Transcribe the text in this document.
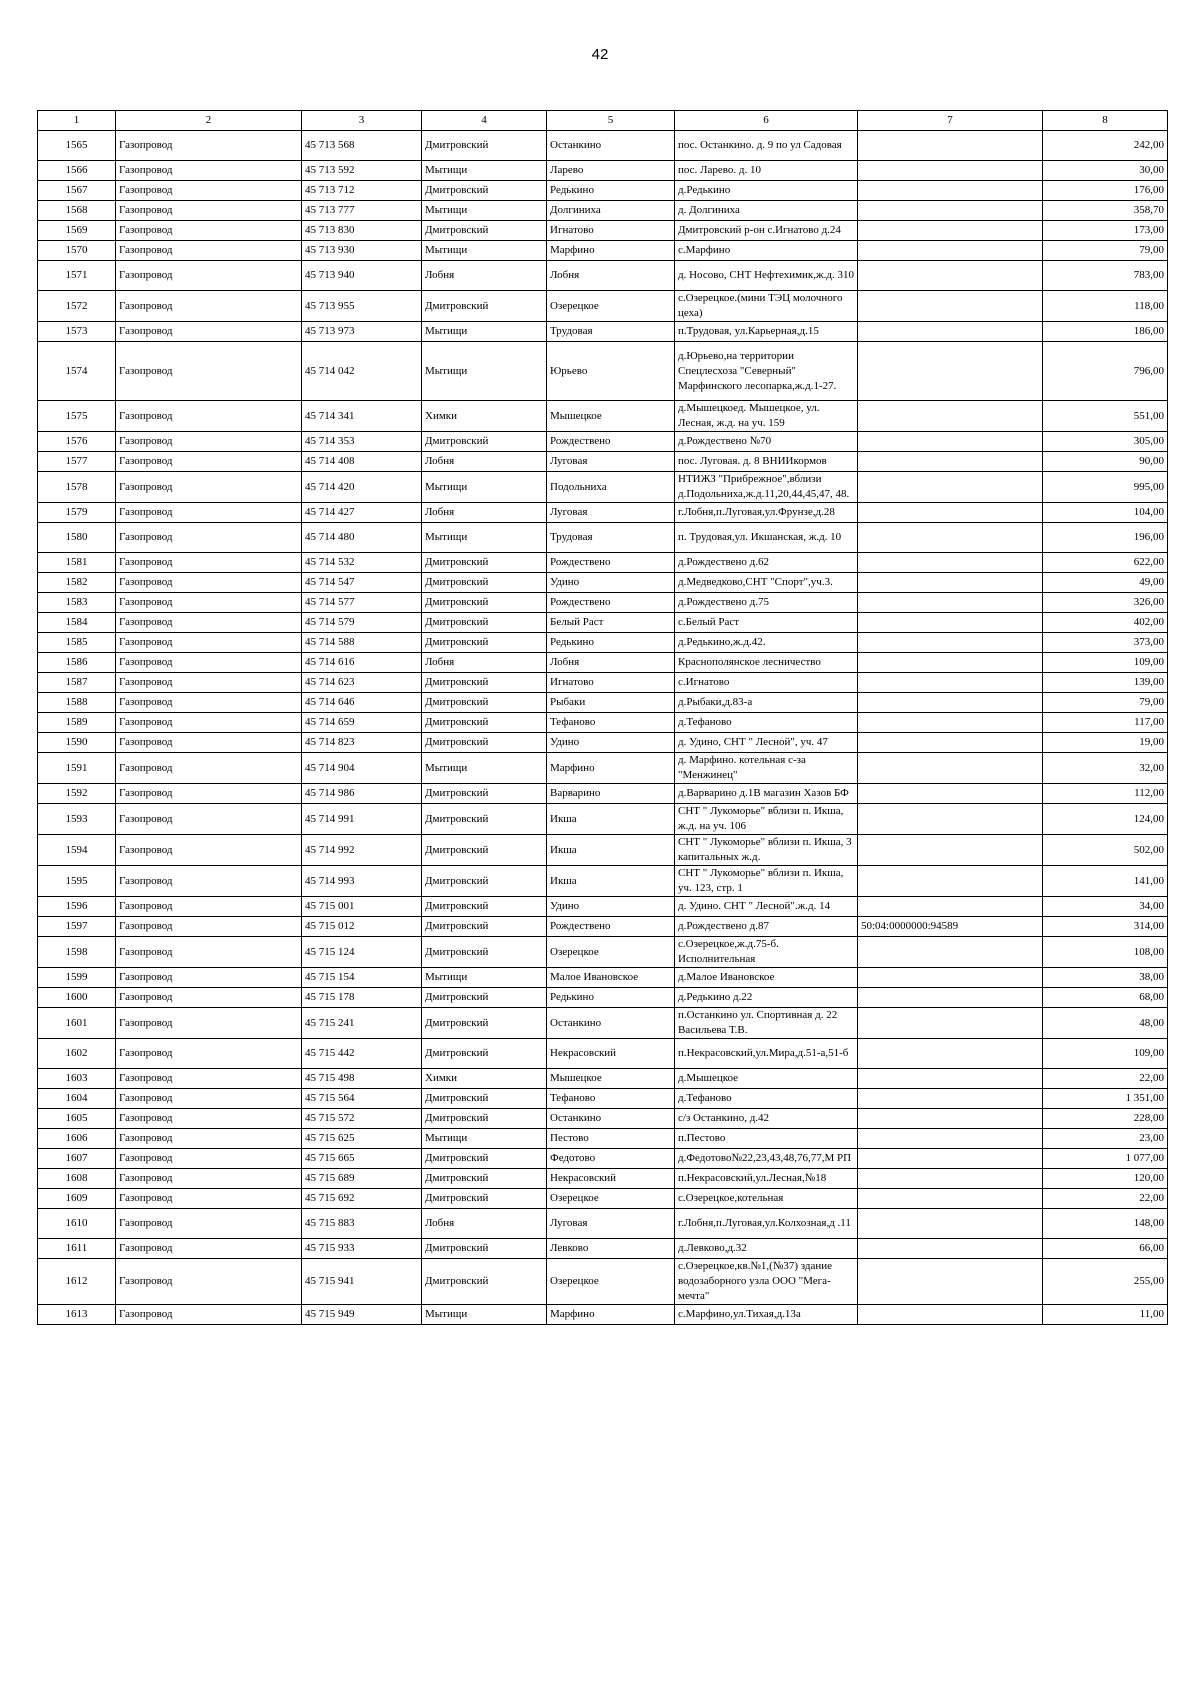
42
1	2	3	4	5	6	7	8
1565	Газопровод	45 713 568	Дмитровский	Останкино	пос. Останкино. д. 9 по ул Садовая		242,00
1566	Газопровод	45 713 592	Мытищи	Ларево	пос. Ларево. д. 10		30,00
1567	Газопровод	45 713 712	Дмитровский	Редькино	д.Редькино		176,00
1568	Газопровод	45 713 777	Мытищи	Долгиниха	д. Долгиниха		358,70
1569	Газопровод	45 713 830	Дмитровский	Игнатово	Дмитровский р-он с.Игнатово д.24		173,00
1570	Газопровод	45 713 930	Мытищи	Марфино	с.Марфино		79,00
1571	Газопровод	45 713 940	Лобня	Лобня	д. Носово, СНТ Нефтехимик,ж.д. 310		783,00
1572	Газопровод	45 713 955	Дмитровский	Озерецкое	с.Озерецкое.(мини ТЭЦ молочного цеха)		118,00
1573	Газопровод	45 713 973	Мытищи	Трудовая	п.Трудовая, ул.Карьерная,д.15		186,00
1574	Газопровод	45 714 042	Мытищи	Юрьево	д.Юрьево,на территории Спецлесхоза "Северный" Марфинского лесопарка,ж.д.1-27.		796,00
1575	Газопровод	45 714 341	Химки	Мышецкое	д.Мышецкоед. Мышецкое, ул. Лесная, ж.д. на уч. 159		551,00
1576	Газопровод	45 714 353	Дмитровский	Рождествено	д.Рождествено №70		305,00
1577	Газопровод	45 714 408	Лобня	Луговая	пос. Луговая. д. 8 ВНИИкормов		90,00
1578	Газопровод	45 714 420	Мытищи	Подольниха	НТИЖЗ "Прибрежное",вблизи д.Подольниха,ж.д.11,20,44,45,47, 48.		995,00
1579	Газопровод	45 714 427	Лобня	Луговая	г.Лобня,п.Луговая,ул.Фрунзе,д.28		104,00
1580	Газопровод	45 714 480	Мытищи	Трудовая	п. Трудовая,ул. Икшанская, ж.д. 10		196,00
1581	Газопровод	45 714 532	Дмитровский	Рождествено	д.Рождествено д.62		622,00
1582	Газопровод	45 714 547	Дмитровский	Удино	д.Медведково,СНТ "Спорт",уч.3.		49,00
1583	Газопровод	45 714 577	Дмитровский	Рождествено	д.Рождествено д.75		326,00
1584	Газопровод	45 714 579	Дмитровский	Белый Раст	с.Белый Раст		402,00
1585	Газопровод	45 714 588	Дмитровский	Редькино	д.Редькино,ж.д.42.		373,00
1586	Газопровод	45 714 616	Лобня	Лобня	Краснополянское лесничество		109,00
1587	Газопровод	45 714 623	Дмитровский	Игнатово	с.Игнатово		139,00
1588	Газопровод	45 714 646	Дмитровский	Рыбаки	д.Рыбаки,д.83-а		79,00
1589	Газопровод	45 714 659	Дмитровский	Тефаново	д.Тефаново		117,00
1590	Газопровод	45 714 823	Дмитровский	Удино	д. Удино, СНТ " Лесной", уч. 47		19,00
1591	Газопровод	45 714 904	Мытищи	Марфино	д. Марфино. котельная с-за "Менжинец"		32,00
1592	Газопровод	45 714 986	Дмитровский	Варварино	д.Варварино д.1В магазин Хазов БФ		112,00
1593	Газопровод	45 714 991	Дмитровский	Икша	СНТ " Лукоморье" вблизи п. Икша, ж.д. на уч. 106		124,00
1594	Газопровод	45 714 992	Дмитровский	Икша	СНТ " Лукоморье" вблизи п. Икша, 3 капитальных ж.д.		502,00
1595	Газопровод	45 714 993	Дмитровский	Икша	СНТ " Лукоморье" вблизи п. Икша, уч. 123, стр. 1		141,00
1596	Газопровод	45 715 001	Дмитровский	Удино	д. Удино. СНТ " Лесной".ж.д. 14		34,00
1597	Газопровод	45 715 012	Дмитровский	Рождествено	д.Рождествено д.87	50:04:0000000:94589	314,00
1598	Газопровод	45 715 124	Дмитровский	Озерецкое	с.Озерецкое,ж.д.75-б. Исполнительная		108,00
1599	Газопровод	45 715 154	Мытищи	Малое Ивановское	д.Малое Ивановское		38,00
1600	Газопровод	45 715 178	Дмитровский	Редькино	д.Редькино д.22		68,00
1601	Газопровод	45 715 241	Дмитровский	Останкино	п.Останкино ул. Спортивная д. 22 Васильева Т.В.		48,00
1602	Газопровод	45 715 442	Дмитровский	Некрасовский	п.Некрасовский,ул.Мира,д.51-а,51-б		109,00
1603	Газопровод	45 715 498	Химки	Мышецкое	д.Мышецкое		22,00
1604	Газопровод	45 715 564	Дмитровский	Тефаново	д.Тефаново		1 351,00
1605	Газопровод	45 715 572	Дмитровский	Останкино	с/з Останкино, д.42		228,00
1606	Газопровод	45 715 625	Мытищи	Пестово	п.Пестово		23,00
1607	Газопровод	45 715 665	Дмитровский	Федотово	д.Федотово№22,23,43,48,76,77,М РП		1 077,00
1608	Газопровод	45 715 689	Дмитровский	Некрасовский	п.Некрасовский,ул.Лесная,№18		120,00
1609	Газопровод	45 715 692	Дмитровский	Озерецкое	с.Озерецкое,котельная		22,00
1610	Газопровод	45 715 883	Лобня	Луговая	г.Лобня,п.Луговая,ул.Колхозная,д .11		148,00
1611	Газопровод	45 715 933	Дмитровский	Левково	д.Левково,д.32		66,00
1612	Газопровод	45 715 941	Дмитровский	Озерецкое	с.Озерецкое,кв.№1,(№37) здание водозаборного узла ООО "Мега-мечта"		255,00
1613	Газопровод	45 715 949	Мытищи	Марфино	с.Марфино,ул.Тихая,д.13а		11,00
